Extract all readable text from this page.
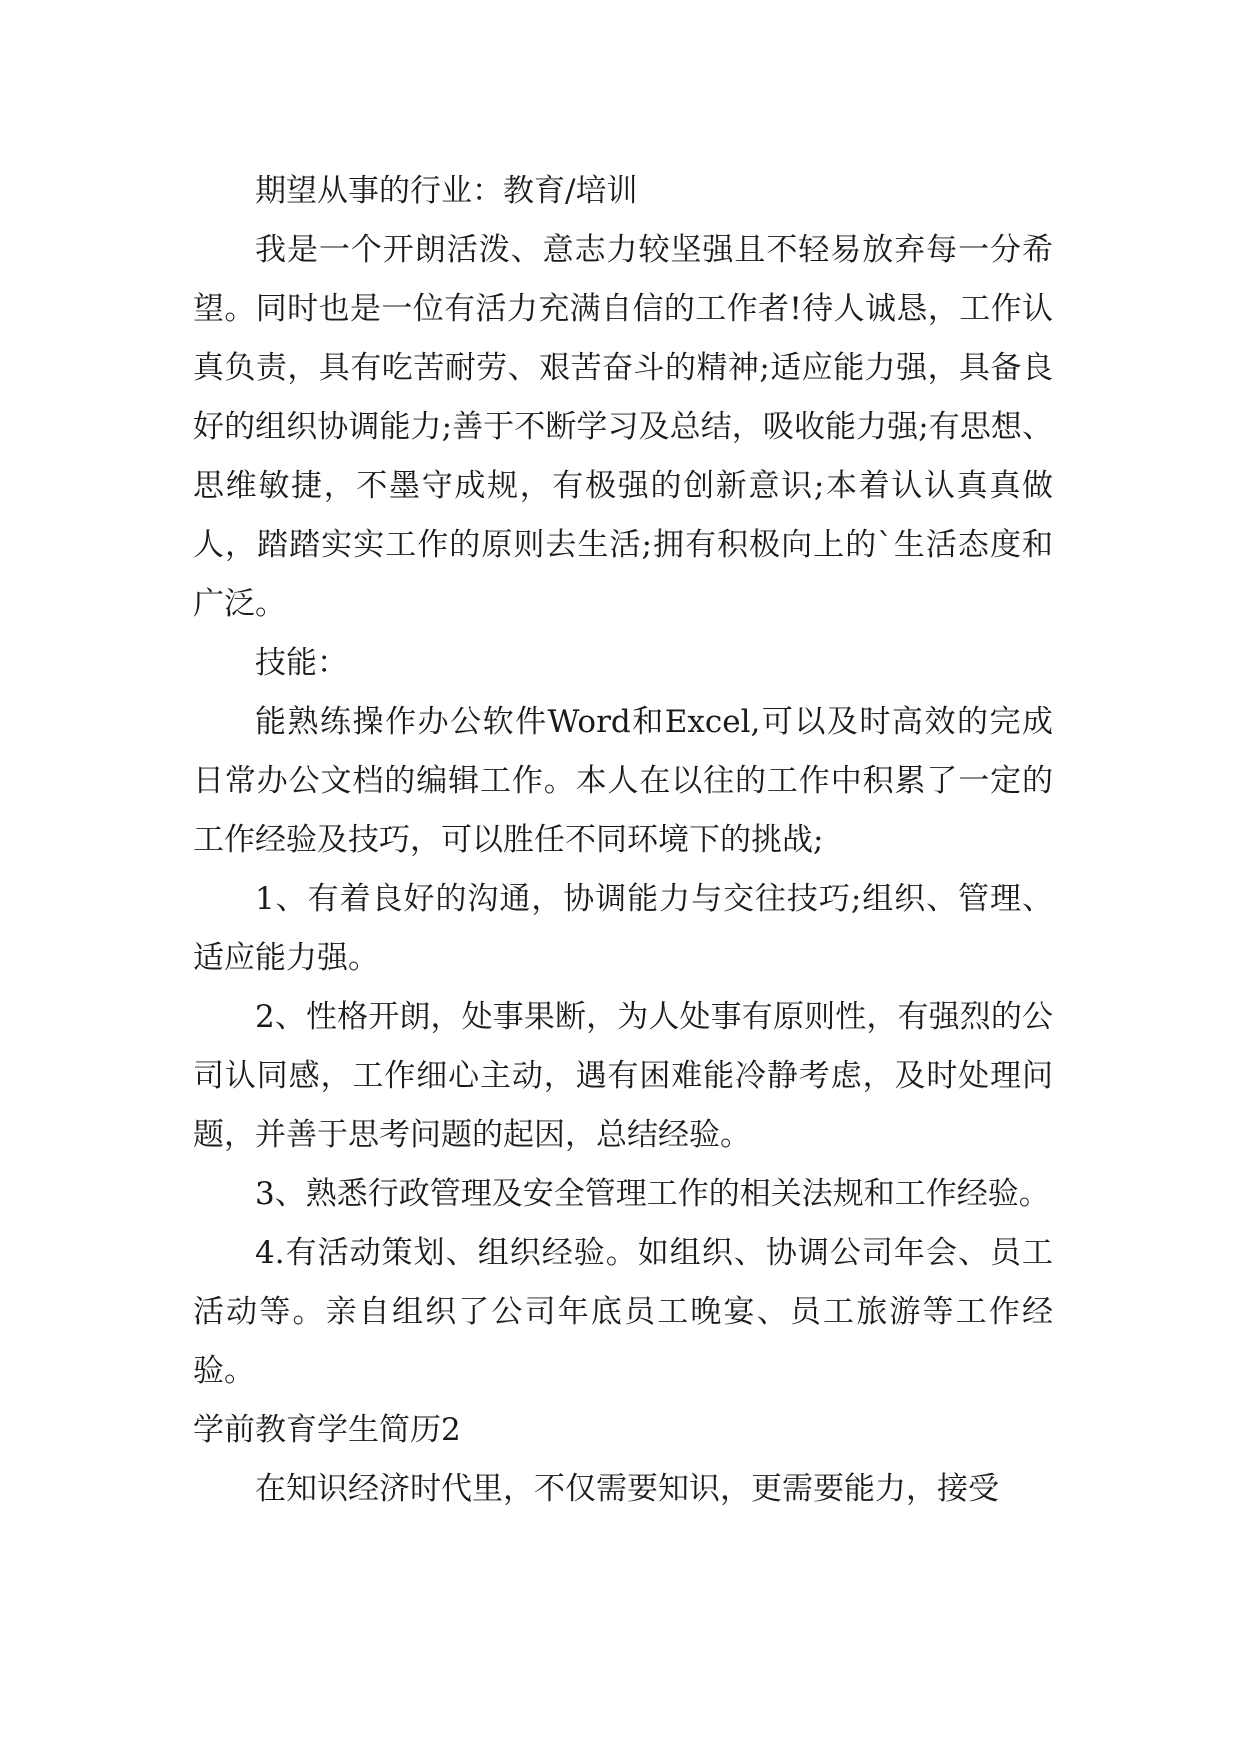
期望从事的行业：教育/培训

我是一个开朗活泼、意志力较坚强且不轻易放弃每一分希望。同时也是一位有活力充满自信的工作者!待人诚恳，工作认真负责，具有吃苦耐劳、艰苦奋斗的精神;适应能力强，具备良好的组织协调能力;善于不断学习及总结，吸收能力强;有思想、思维敏捷，不墨守成规，有极强的创新意识;本着认认真真做人，踏踏实实工作的原则去生活;拥有积极向上的`生活态度和广泛。

技能：

能熟练操作办公软件Word和Excel,可以及时高效的完成日常办公文档的编辑工作。本人在以往的工作中积累了一定的工作经验及技巧，可以胜任不同环境下的挑战;

1、有着良好的沟通，协调能力与交往技巧;组织、管理、适应能力强。

2、性格开朗，处事果断，为人处事有原则性，有强烈的公司认同感，工作细心主动，遇有困难能冷静考虑，及时处理问题，并善于思考问题的起因，总结经验。

3、熟悉行政管理及安全管理工作的相关法规和工作经验。

4.有活动策划、组织经验。如组织、协调公司年会、员工活动等。亲自组织了公司年底员工晚宴、员工旅游等工作经验。

学前教育学生简历2

在知识经济时代里，不仅需要知识，更需要能力，接受
